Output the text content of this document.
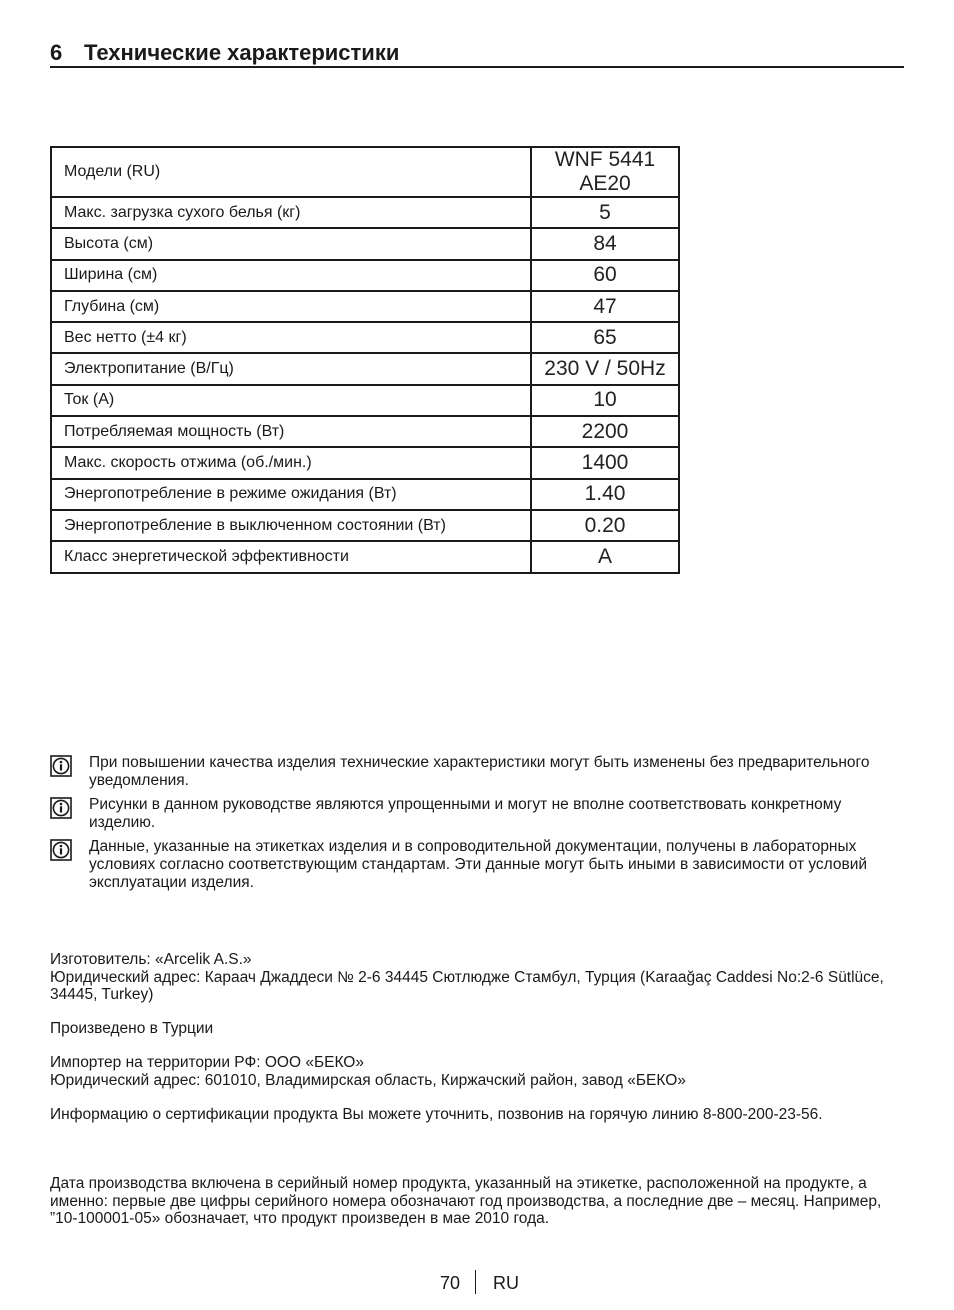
6 Технические характеристики
Модели (RU)	WNF 5441 AE20
Макс. загрузка сухого белья (кг)	5
Высота (см)	84
Ширина (см)	60
Глубина (см)	47
Вес нетто (±4 кг)	65
Электропитание (В/Гц)	230 V / 50Hz
Ток (A)	10
Потребляемая мощность (Вт)	2200
Макс. скорость отжима (об./мин.)	1400
Энергопотребление в режиме ожидания (Вт)	1.40
Энергопотребление в выключенном состоянии (Вт)	0.20
Класс энергетической эффективности	A
При повышении качества изделия технические характеристики могут быть изменены без предварительного уведомления.
Рисунки в данном руководстве являются упрощенными и могут не вполне соответствовать конкретному изделию.
Данные, указанные на этикетках изделия и в сопроводительной документации, получены в лабораторных условиях согласно соответствующим стандартам. Эти данные могут быть иными в зависимости от условий эксплуатации изделия.
Изготовитель: «Arcelik A.S.»
Юридический адрес: Караач Джаддеси № 2-6 34445 Сютлюдже Стамбул, Турция (Karaağaç Caddesi No:2-6 Sütlüce, 34445, Turkey)
Произведено в Турции
Импортер на территории РФ: ООО «БЕКО»
Юридический адрес: 601010, Владимирская область, Киржачский район, завод «БЕКО»
Информацию о сертификации продукта Вы можете уточнить, позвонив на горячую линию 8-800-200-23-56.
Дата производства включена в серийный номер продукта, указанный на этикетке, расположенной на продукте, а именно: первые две цифры серийного номера обозначают год производства, а последние две – месяц. Например, ”10-100001-05» обозначает, что продукт произведен в мае 2010 года.
70 RU
